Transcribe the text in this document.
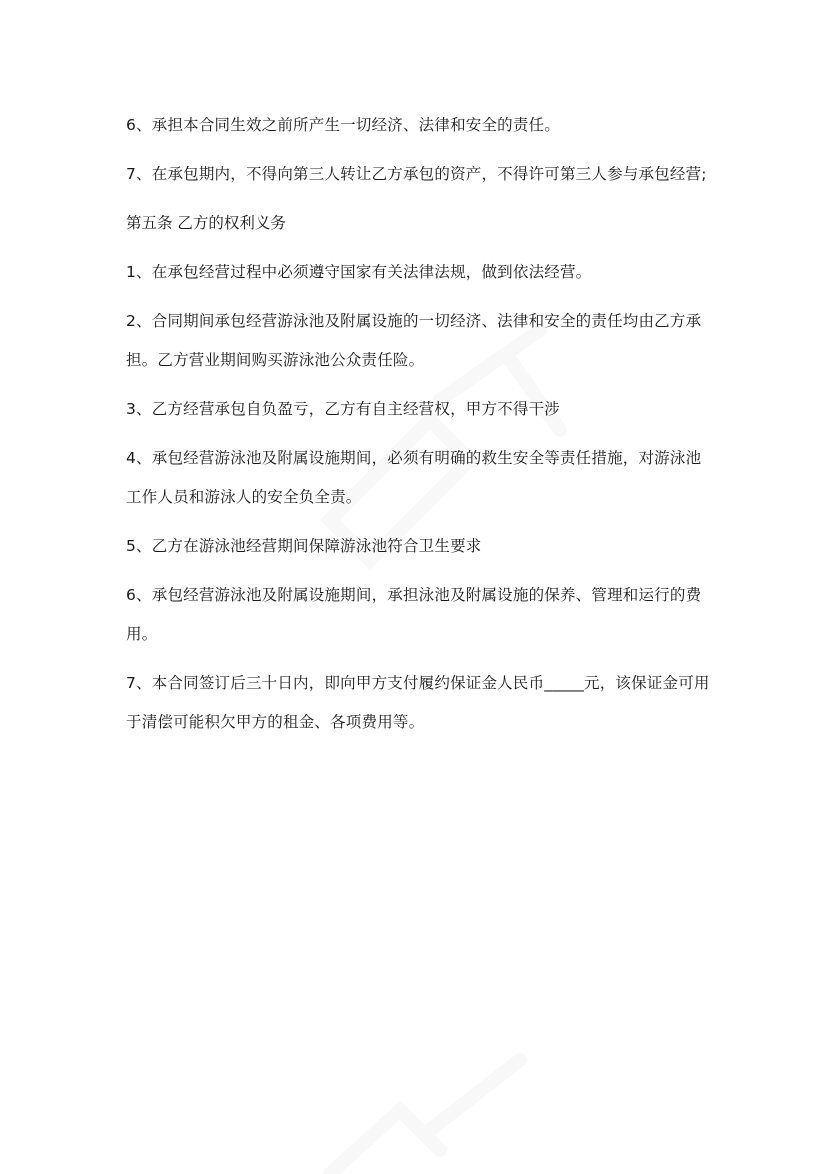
6、承担本合同生效之前所产生一切经济、法律和安全的责任。

7、在承包期内，不得向第三人转让乙方承包的资产，不得许可第三人参与承包经营;

第五条 乙方的权利义务

1、在承包经营过程中必须遵守国家有关法律法规，做到依法经营。

2、合同期间承包经营游泳池及附属设施的一切经济、法律和安全的责任均由乙方承担。乙方营业期间购买游泳池公众责任险。

3、乙方经营承包自负盈亏，乙方有自主经营权，甲方不得干涉

4、承包经营游泳池及附属设施期间，必须有明确的救生安全等责任措施，对游泳池工作人员和游泳人的安全负全责。

5、乙方在游泳池经营期间保障游泳池符合卫生要求

6、承包经营游泳池及附属设施期间，承担泳池及附属设施的保养、管理和运行的费用。

7、本合同签订后三十日内，即向甲方支付履约保证金人民币_____元，该保证金可用于清偿可能积欠甲方的租金、各项费用等。
